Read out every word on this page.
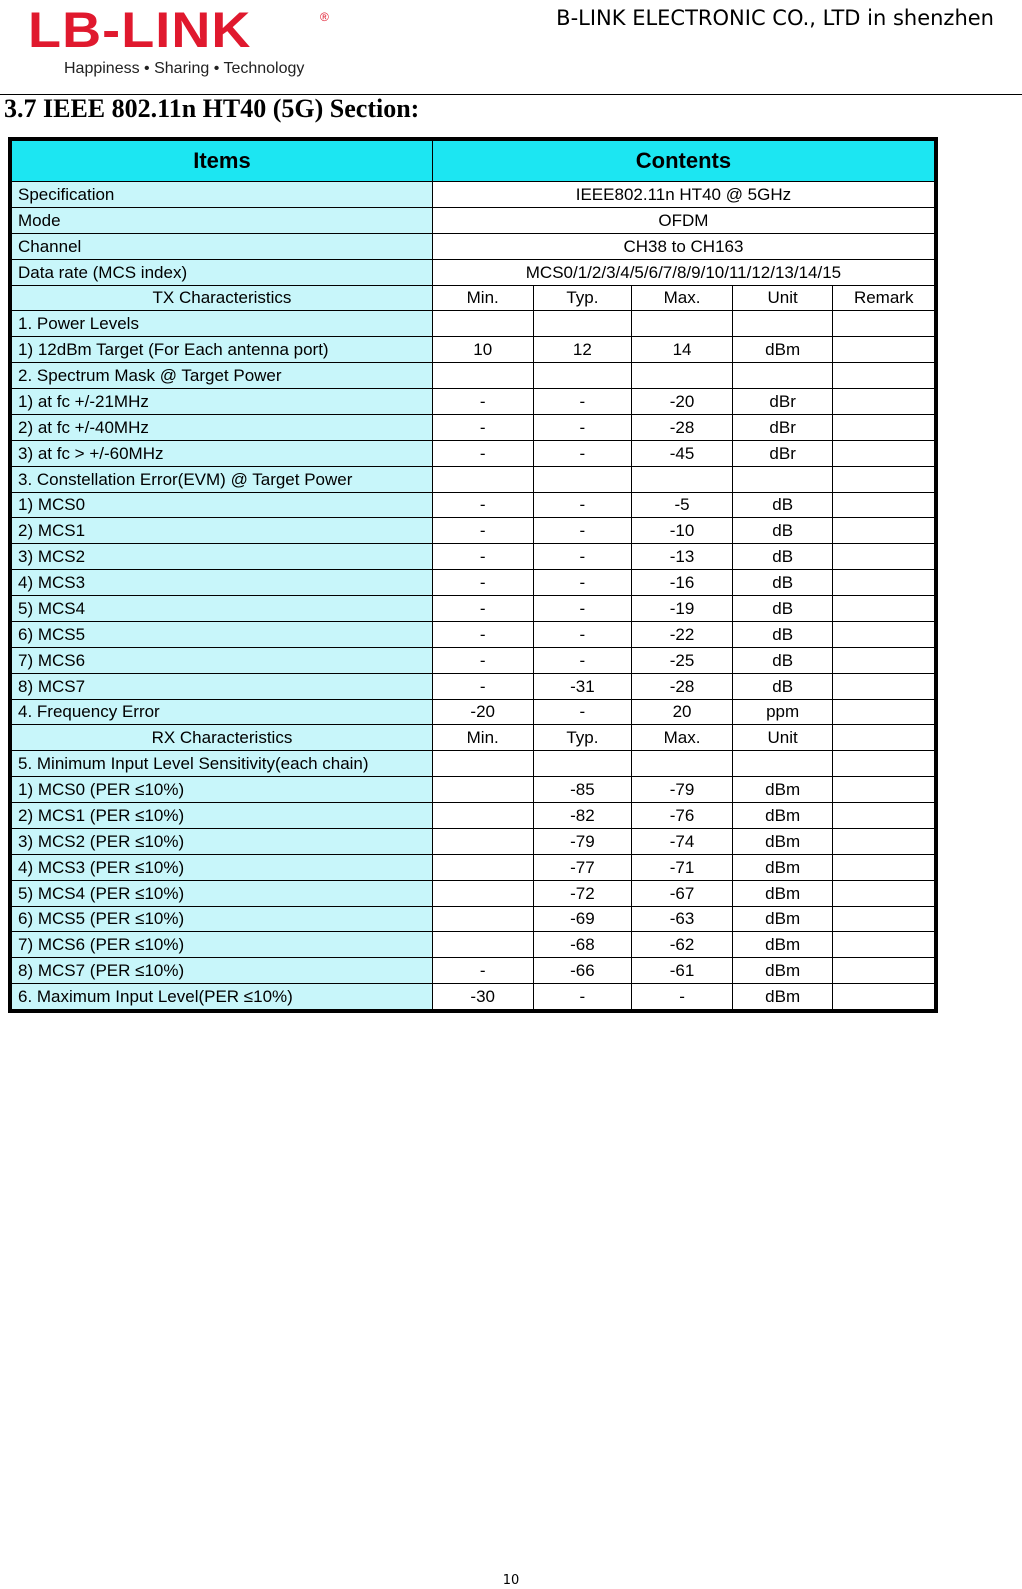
LB-LINK	®
Happiness • Sharing • Technology
B-LINK ELECTRONIC CO., LTD in shenzhen
3.7 IEEE 802.11n HT40 (5G) Section:
Items	Contents				
Specification	IEEE802.11n HT40 @ 5GHz				
Mode	OFDM				
Channel	CH38 to CH163				
Data rate (MCS index)	MCS0/1/2/3/4/5/6/7/8/9/10/11/12/13/14/15				
TX Characteristics	Min.	Typ.	Max.	Unit	Remark
1. Power Levels					
1) 12dBm Target (For Each antenna port)	10	12	14	dBm	
2. Spectrum Mask @ Target Power					
1) at fc +/-21MHz	-	-	-20	dBr	
2) at fc +/-40MHz	-	-	-28	dBr	
3) at fc > +/-60MHz	-	-	-45	dBr	
3. Constellation Error(EVM) @ Target Power					
1) MCS0	-	-	-5	dB	
2) MCS1	-	-	-10	dB	
3) MCS2	-	-	-13	dB	
4) MCS3	-	-	-16	dB	
5) MCS4	-	-	-19	dB	
6) MCS5	-	-	-22	dB	
7) MCS6	-	-	-25	dB	
8) MCS7	-	-31	-28	dB	
4. Frequency Error	-20	-	20	ppm	
RX Characteristics	Min.	Typ.	Max.	Unit	
5. Minimum Input Level Sensitivity(each chain)					
1) MCS0 (PER ≤10%)		-85	-79	dBm	
2) MCS1 (PER ≤10%)		-82	-76	dBm	
3) MCS2 (PER ≤10%)		-79	-74	dBm	
4) MCS3 (PER ≤10%)		-77	-71	dBm	
5) MCS4 (PER ≤10%)		-72	-67	dBm	
6) MCS5 (PER ≤10%)		-69	-63	dBm	
7) MCS6 (PER ≤10%)		-68	-62	dBm	
8) MCS7 (PER ≤10%)	-	-66	-61	dBm	
6. Maximum Input Level(PER ≤10%)	-30	-	-	dBm	
10
